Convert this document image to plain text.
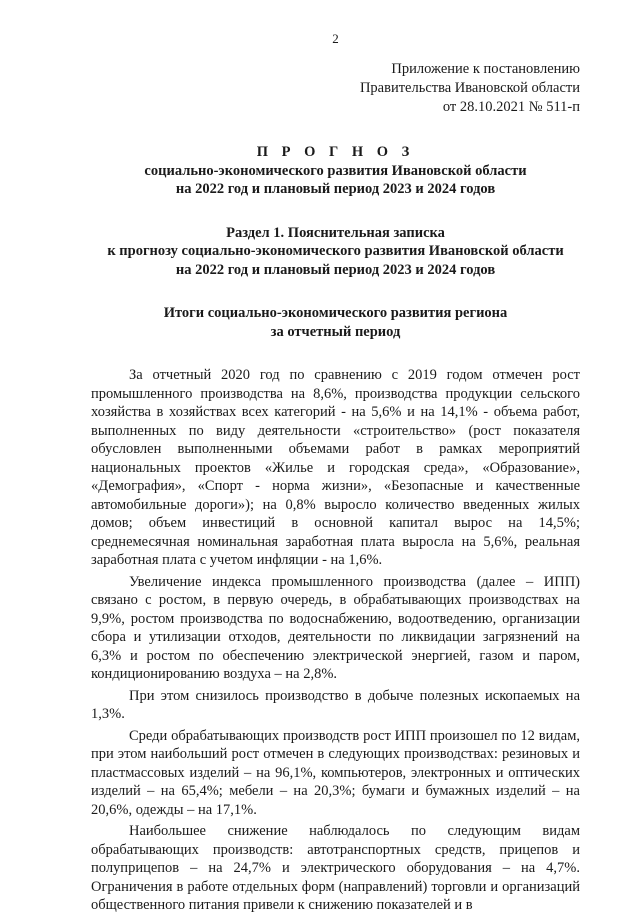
2
Приложение к постановлению
Правительства Ивановской области
от 28.10.2021 № 511-п
П Р О Г Н О З
социально-экономического развития Ивановской области
на 2022 год и плановый период 2023 и 2024 годов
Раздел 1. Пояснительная записка
к прогнозу социально-экономического развития Ивановской области
на 2022 год и плановый период 2023 и 2024 годов
Итоги социально-экономического развития региона
за отчетный период

За отчетный 2020 год по сравнению с 2019 годом отмечен рост промышленного производства на 8,6%, производства продукции сельского хозяйства в хозяйствах всех категорий - на 5,6% и на 14,1% - объема работ, выполненных по виду деятельности «строительство» (рост показателя обусловлен выполненными объемами работ в рамках мероприятий национальных проектов «Жилье и городская среда», «Образование», «Демография», «Спорт - норма жизни», «Безопасные и качественные автомобильные дороги»); на 0,8% выросло количество введенных жилых домов; объем инвестиций в основной капитал вырос на 14,5%; среднемесячная номинальная заработная плата выросла на 5,6%, реальная заработная плата с учетом инфляции - на 1,6%.

Увеличение индекса промышленного производства (далее – ИПП) связано с ростом, в первую очередь, в обрабатывающих производствах на 9,9%, ростом производства по водоснабжению, водоотведению, организации сбора и утилизации отходов, деятельности по ликвидации загрязнений на 6,3% и ростом по обеспечению электрической энергией, газом и паром, кондиционированию воздуха – на 2,8%.

При этом снизилось производство в добыче полезных ископаемых на 1,3%.

Среди обрабатывающих производств рост ИПП произошел по 12 видам, при этом наибольший рост отмечен в следующих производствах: резиновых и пластмассовых изделий – на 96,1%, компьютеров, электронных и оптических изделий – на 65,4%; мебели – на 20,3%; бумаги и бумажных изделий – на 20,6%, одежды – на 17,1%.

Наибольшее снижение наблюдалось по следующим видам обрабатывающих производств: автотранспортных средств, прицепов и полуприцепов – на 24,7% и электрического оборудования – на 4,7%. Ограничения в работе отдельных форм (направлений) торговли и организаций общественного питания привели к снижению показателей и в
